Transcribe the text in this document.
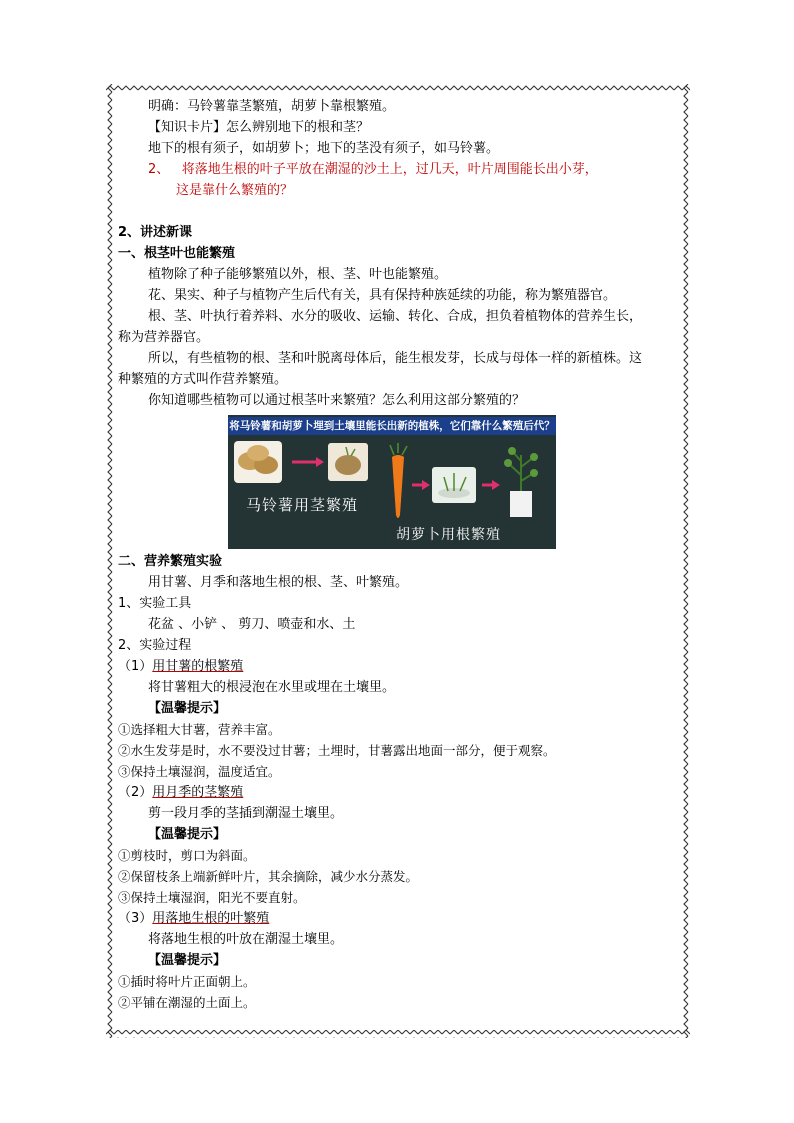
明确：马铃薯靠茎繁殖，胡萝卜靠根繁殖。
【知识卡片】怎么辨别地下的根和茎？
地下的根有须子，如胡萝卜；地下的茎没有须子，如马铃薯。
2、 将落地生根的叶子平放在潮湿的沙土上，过几天，叶片周围能长出小芽，
这是靠什么繁殖的？
2、讲述新课
一、根茎叶也能繁殖
植物除了种子能够繁殖以外，根、茎、叶也能繁殖。
花、果实、种子与植物产生后代有关，具有保持种族延续的功能，称为繁殖器官。
根、茎、叶执行着养料、水分的吸收、运输、转化、合成，担负着植物体的营养生长，
称为营养器官。
所以，有些植物的根、茎和叶脱离母体后，能生根发芽，长成与母体一样的新植株。这
种繁殖的方式叫作营养繁殖。
你知道哪些植物可以通过根茎叶来繁殖？怎么利用这部分繁殖的？
将马铃薯和胡萝卜埋到土壤里能长出新的植株，它们靠什么繁殖后代？
马铃薯用茎繁殖
胡萝卜用根繁殖
二、营养繁殖实验
用甘薯、月季和落地生根的根、茎、叶繁殖。
1、实验工具
花盆 、小铲 、 剪刀、喷壶和水、土
2、实验过程
（1）用甘薯的根繁殖
将甘薯粗大的根浸泡在水里或埋在土壤里。
【温馨提示】
①选择粗大甘薯，营养丰富。
②水生发芽是时，水不要没过甘薯；土埋时，甘薯露出地面一部分，便于观察。
③保持土壤湿润，温度适宜。
（2）用月季的茎繁殖
剪一段月季的茎插到潮湿土壤里。
【温馨提示】
①剪枝时，剪口为斜面。
②保留枝条上端新鲜叶片，其余摘除，减少水分蒸发。
③保持土壤湿润，阳光不要直射。
（3）用落地生根的叶繁殖
将落地生根的叶放在潮湿土壤里。
【温馨提示】
①插时将叶片正面朝上。
②平铺在潮湿的土面上。
